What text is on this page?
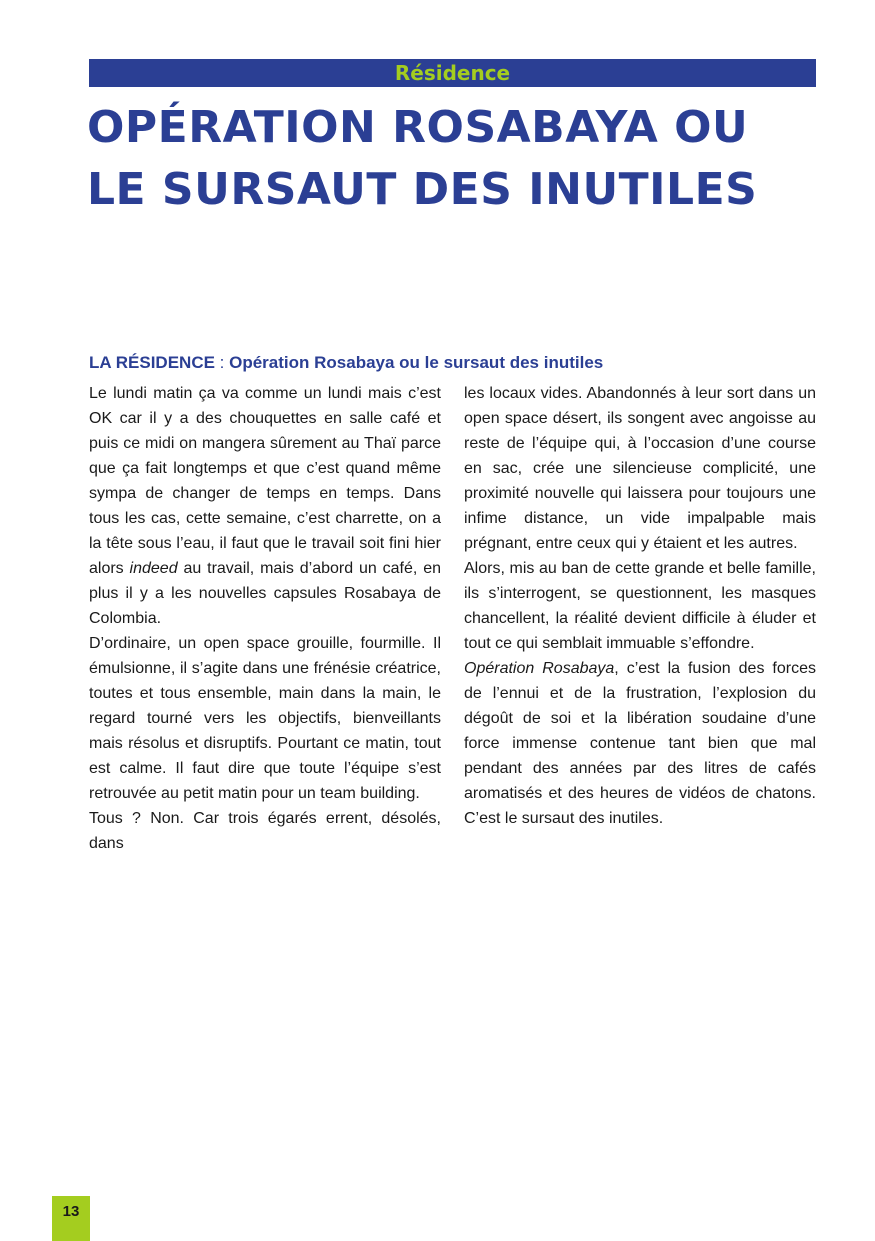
Résidence
OPÉRATION ROSABAYA OU
LE SURSAUT DES INUTILES
LA RÉSIDENCE : Opération Rosabaya ou le sursaut des inutiles

Le lundi matin ça va comme un lundi mais c’est OK car il y a des chouquettes en salle café et puis ce midi on mangera sûrement au Thaï parce que ça fait longtemps et que c’est quand même sympa de changer de temps en temps. Dans tous les cas, cette semaine, c’est charrette, on a la tête sous l’eau, il faut que le travail soit fini hier alors indeed au travail, mais d’abord un café, en plus il y a les nouvelles capsules Rosabaya de Colombia.

D’ordinaire, un open space grouille, fourmille. Il émulsionne, il s’agite dans une frénésie créatrice, toutes et tous ensemble, main dans la main, le regard tourné vers les objectifs, bienveillants mais résolus et disruptifs. Pourtant ce matin, tout est calme. Il faut dire que toute l’équipe s’est retrouvée au petit matin pour un team building.

Tous ? Non. Car trois égarés errent, désolés, dans

les locaux vides. Abandonnés à leur sort dans un open space désert, ils songent avec angoisse au reste de l’équipe qui, à l’occasion d’une course en sac, crée une silencieuse complicité, une proximité nouvelle qui laissera pour toujours une infime distance, un vide impalpable mais prégnant, entre ceux qui y étaient et les autres.

Alors, mis au ban de cette grande et belle famille, ils s’interrogent, se questionnent, les masques chancellent, la réalité devient difficile à éluder et tout ce qui semblait immuable s’effondre.

Opération Rosabaya, c’est la fusion des forces de l’ennui et de la frustration, l’explosion du dégoût de soi et la libération soudaine d’une force immense contenue tant bien que mal pendant des années par des litres de cafés aromatisés et des heures de vidéos de chatons. C’est le sursaut des inutiles.

13
